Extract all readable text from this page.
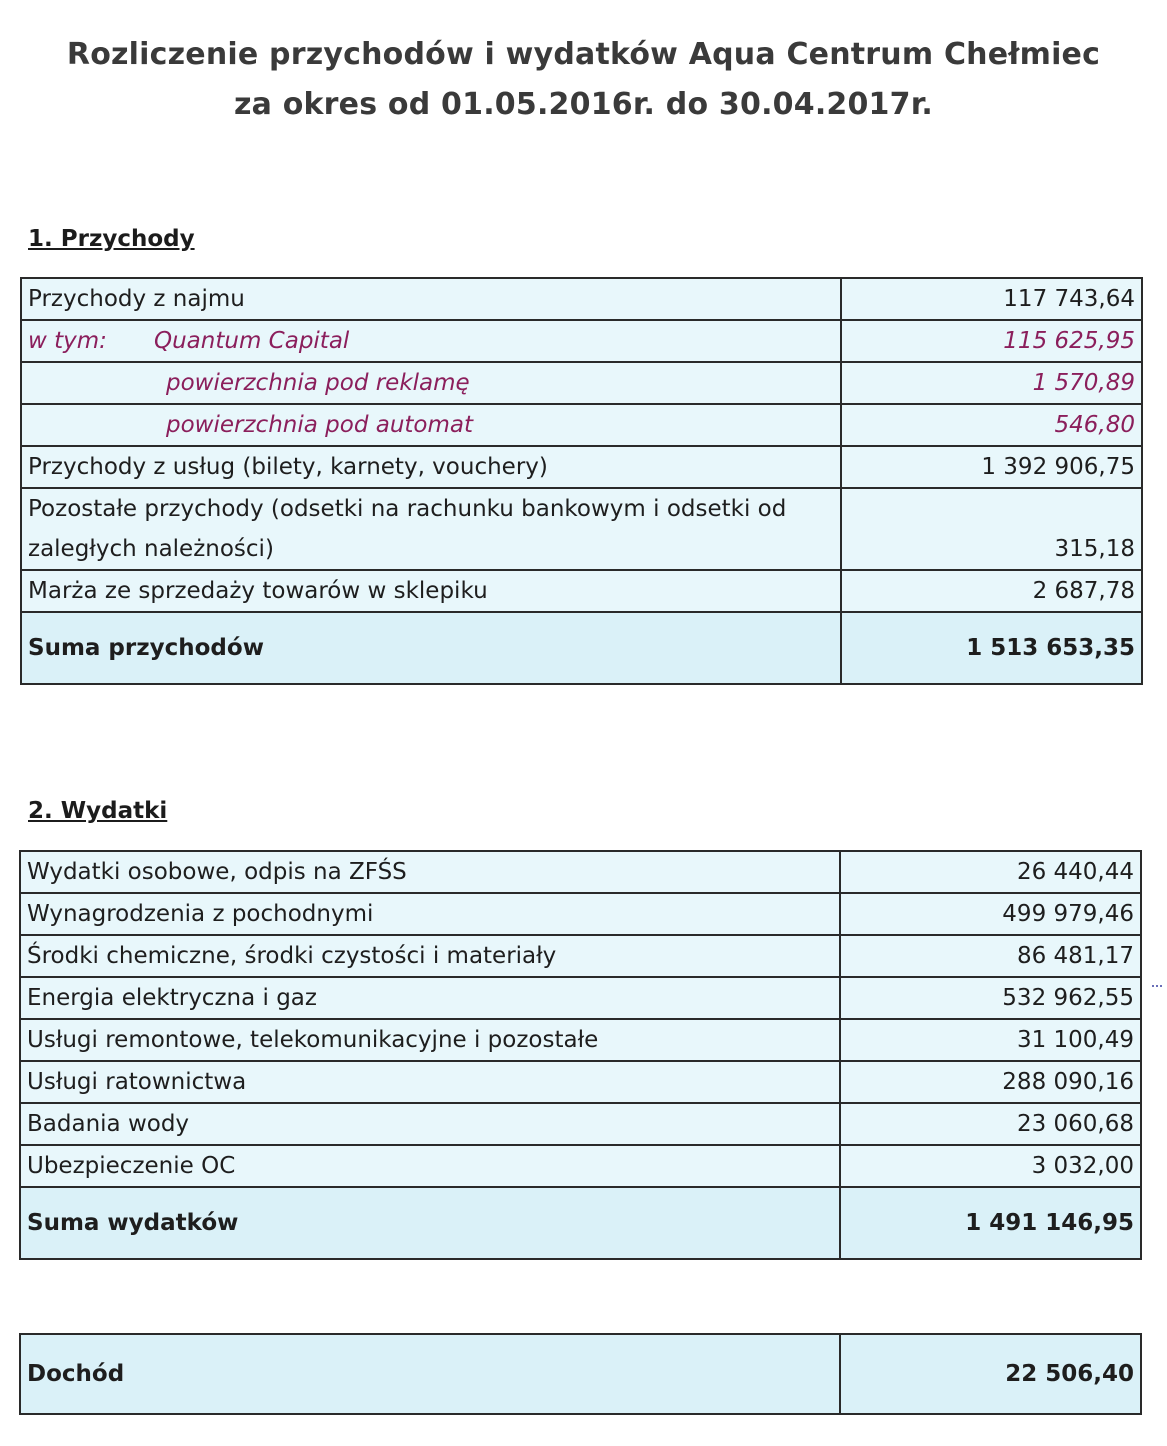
Rozliczenie przychodów i wydatków Aqua Centrum Chełmiec
za okres od 01.05.2016r. do 30.04.2017r.
1. Przychody
Przychody z najmu	117 743,64
w tym: Quantum Capital	115 625,95
powierzchnia pod reklamę	1 570,89
powierzchnia pod automat	546,80
Przychody z usług (bilety, karnety, vouchery)	1 392 906,75
Pozostałe przychody (odsetki na rachunku bankowym i odsetki od zaległych należności)	315,18
Marża ze sprzedaży towarów w sklepiku	2 687,78
Suma przychodów	1 513 653,35
2. Wydatki
Wydatki osobowe, odpis na ZFŚS	26 440,44
Wynagrodzenia z pochodnymi	499 979,46
Środki chemiczne, środki czystości i materiały	86 481,17
Energia elektryczna i gaz	532 962,55
Usługi remontowe, telekomunikacyjne i pozostałe	31 100,49
Usługi ratownictwa	288 090,16
Badania wody	23 060,68
Ubezpieczenie OC	3 032,00
Suma wydatków	1 491 146,95
Dochód	22 506,40
